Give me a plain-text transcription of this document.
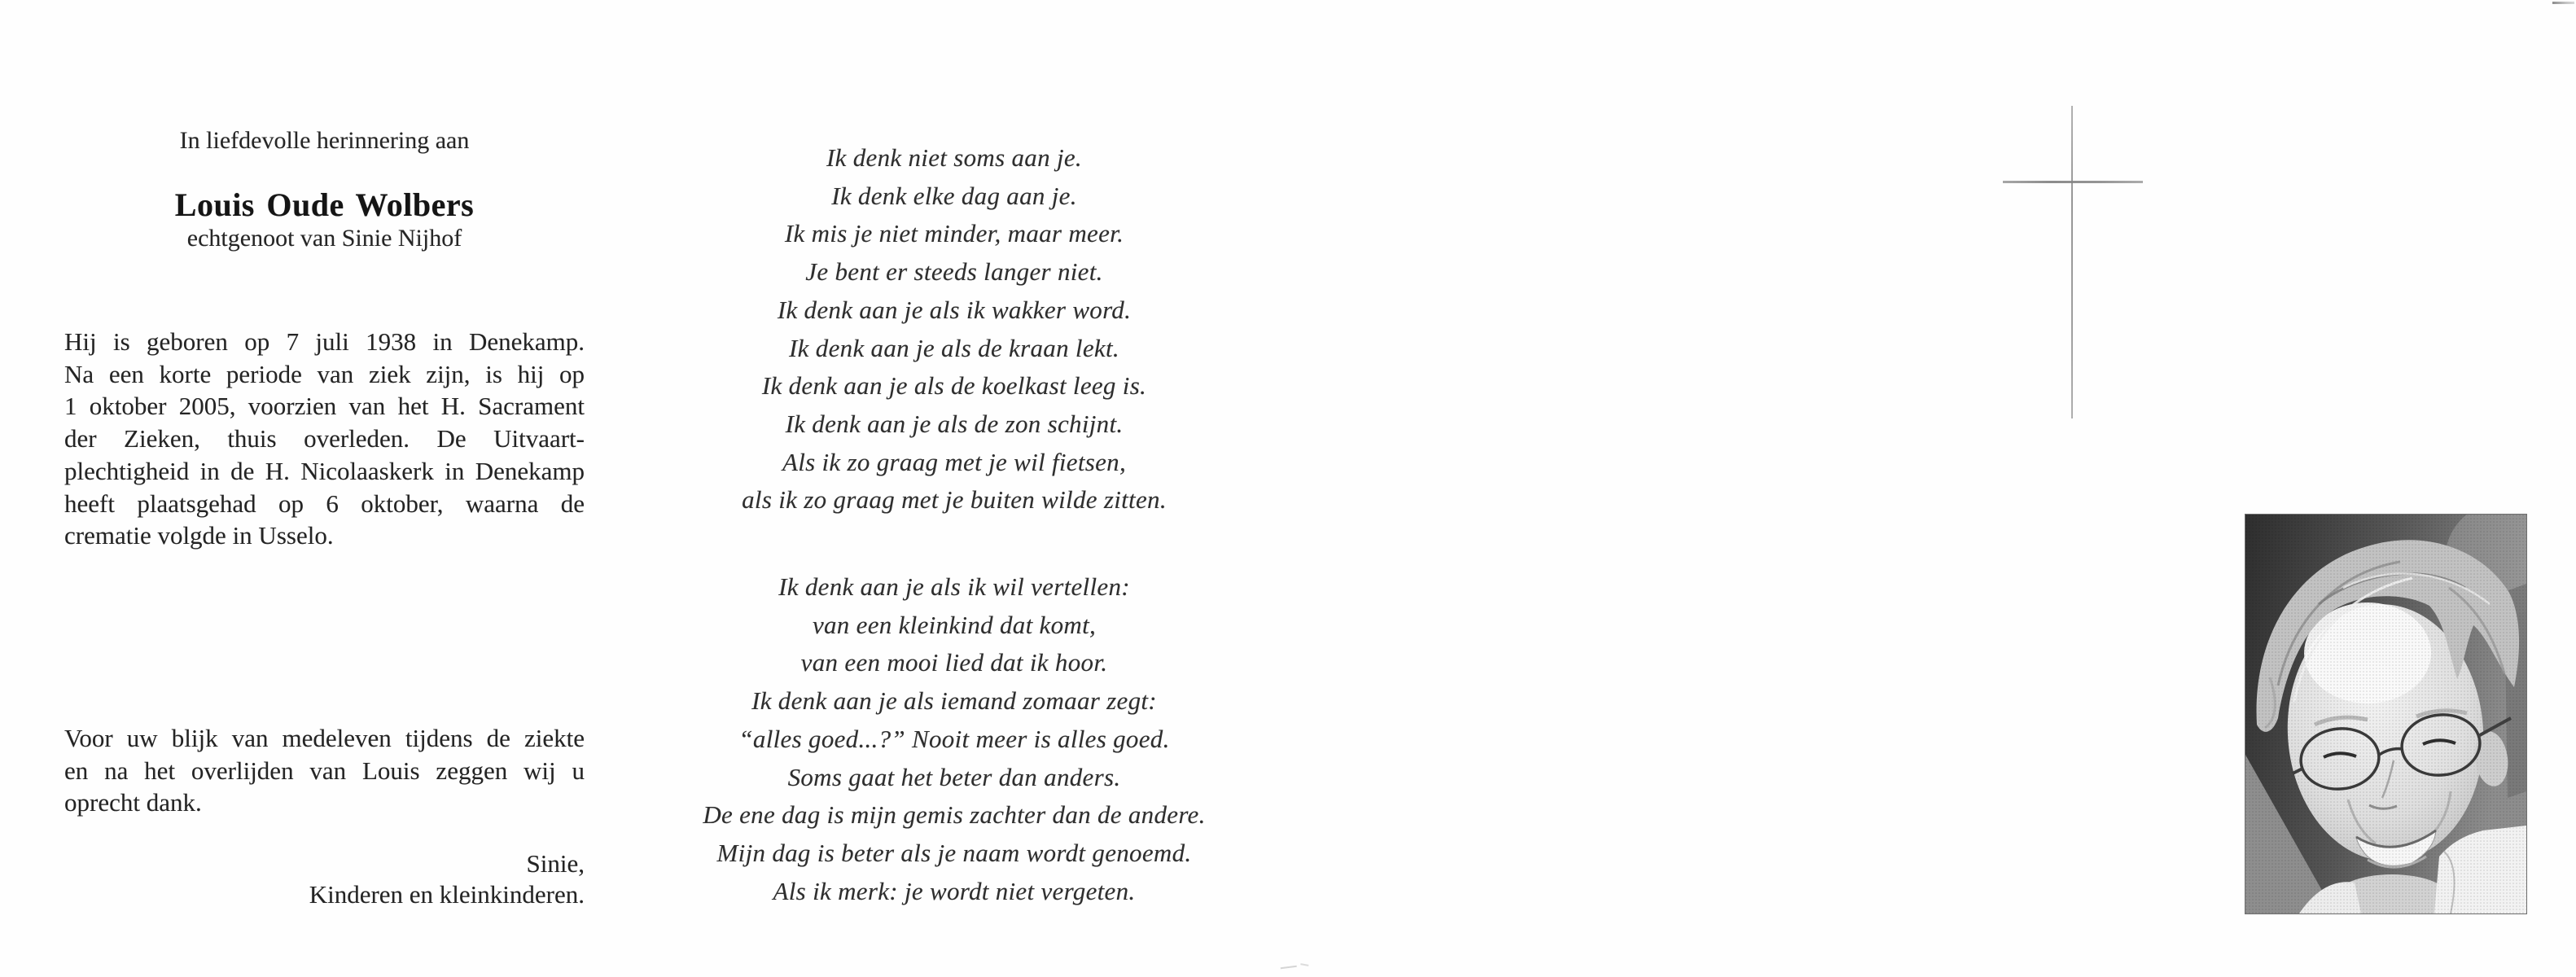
In liefdevolle herinnering aan
Louis Oude Wolbers
echtgenoot van Sinie Nijhof
Hij is geboren op 7 juli 1938 in Denekamp.
Na een korte periode van ziek zijn, is hij op
1 oktober 2005, voorzien van het H. Sacrament
der Zieken, thuis overleden. De Uitvaart-
plechtigheid in de H. Nicolaaskerk in Denekamp
heeft plaatsgehad op 6 oktober, waarna de
crematie volgde in Usselo.
Voor uw blijk van medeleven tijdens de ziekte
en na het overlijden van Louis zeggen wij u
oprecht dank.
Sinie,
Kinderen en kleinkinderen.
Ik denk niet soms aan je.
Ik denk elke dag aan je.
Ik mis je niet minder, maar meer.
Je bent er steeds langer niet.
Ik denk aan je als ik wakker word.
Ik denk aan je als de kraan lekt.
Ik denk aan je als de koelkast leeg is.
Ik denk aan je als de zon schijnt.
Als ik zo graag met je wil fietsen,
als ik zo graag met je buiten wilde zitten.
Ik denk aan je als ik wil vertellen:
van een kleinkind dat komt,
van een mooi lied dat ik hoor.
Ik denk aan je als iemand zomaar zegt:
“alles goed...?” Nooit meer is alles goed.
Soms gaat het beter dan anders.
De ene dag is mijn gemis zachter dan de andere.
Mijn dag is beter als je naam wordt genoemd.
Als ik merk: je wordt niet vergeten.
